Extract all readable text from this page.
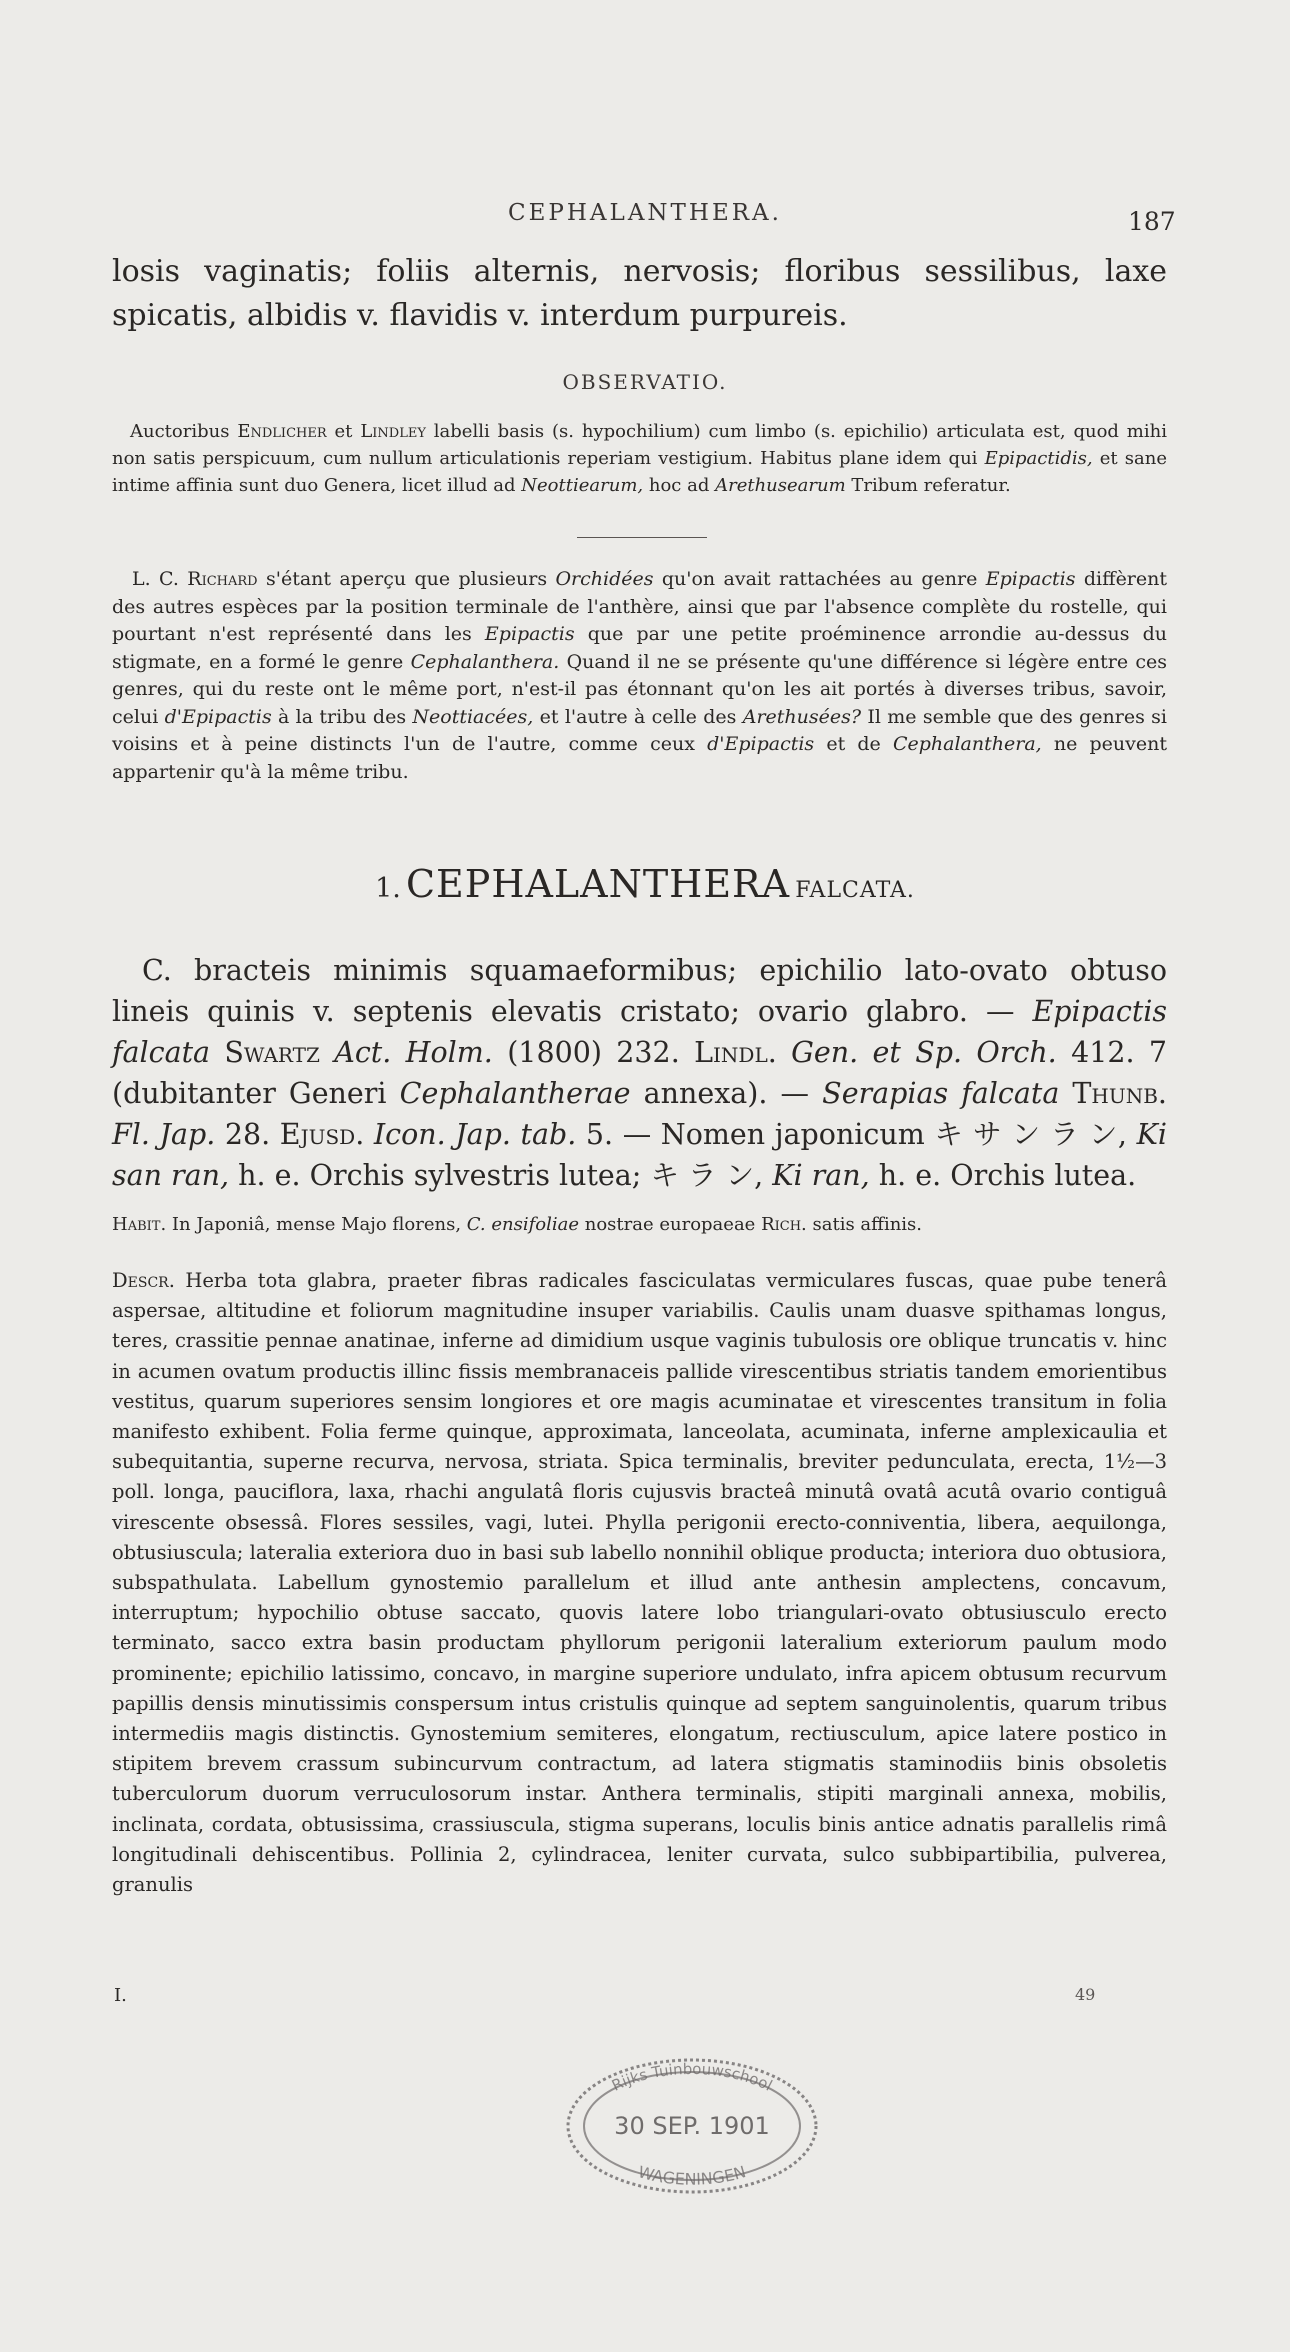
CEPHALANTHERA.	187
losis vaginatis; foliis alternis, nervosis; floribus sessilibus, laxe spicatis, albidis v. flavidis v. interdum purpureis.
OBSERVATIO.
Auctoribus Endlicher et Lindley labelli basis (s. hypochilium) cum limbo (s. epichilio) articulata est, quod mihi non satis perspicuum, cum nullum articulationis reperiam vestigium. Habitus plane idem qui Epipactidis, et sane intime affinia sunt duo Genera, licet illud ad Neottiearum, hoc ad Arethusearum Tribum referatur.
L. C. Richard s'étant aperçu que plusieurs Orchidées qu'on avait rattachées au genre Epipactis diffèrent des autres espèces par la position terminale de l'anthère, ainsi que par l'absence complète du rostelle, qui pourtant n'est représenté dans les Epipactis que par une petite proéminence arrondie au-dessus du stigmate, en a formé le genre Cephalanthera. Quand il ne se présente qu'une différence si légère entre ces genres, qui du reste ont le même port, n'est-il pas étonnant qu'on les ait portés à diverses tribus, savoir, celui d'Epipactis à la tribu des Neottiacées, et l'autre à celle des Arethusées? Il me semble que des genres si voisins et à peine distincts l'un de l'autre, comme ceux d'Epipactis et de Cephalanthera, ne peuvent appartenir qu'à la même tribu.
1. CEPHALANTHERA FALCATA.
C. bracteis minimis squamaeformibus; epichilio lato-ovato obtuso lineis quinis v. septenis elevatis cristato; ovario glabro. — Epipactis falcata Swartz Act. Holm. (1800) 232. Lindl. Gen. et Sp. Orch. 412. 7 (dubitanter Generi Cephalantherae annexa). — Serapias falcata Thunb. Fl. Jap. 28. Ejusd. Icon. Jap. tab. 5. — Nomen japonicum キ サ ン ラ ン, Ki san ran, h. e. Orchis sylvestris lutea; キ ラ ン, Ki ran, h. e. Orchis lutea.
Habit. In Japoniâ, mense Majo florens, C. ensifoliae nostrae europaeae Rich. satis affinis.

Descr. Herba tota glabra, praeter fibras radicales fasciculatas vermiculares fuscas, quae pube tenerâ aspersae, altitudine et foliorum magnitudine insuper variabilis. Caulis unam duasve spithamas longus, teres, crassitie pennae anatinae, inferne ad dimidium usque vaginis tubulosis ore oblique truncatis v. hinc in acumen ovatum productis illinc fissis membranaceis pallide virescentibus striatis tandem emorientibus vestitus, quarum superiores sensim longiores et ore magis acuminatae et virescentes transitum in folia manifesto exhibent. Folia ferme quinque, approximata, lanceolata, acuminata, inferne amplexicaulia et subequitantia, superne recurva, nervosa, striata. Spica terminalis, breviter pedunculata, erecta, 1½—3 poll. longa, pauciflora, laxa, rhachi angulatâ floris cujusvis bracteâ minutâ ovatâ acutâ ovario contiguâ virescente obsessâ. Flores sessiles, vagi, lutei. Phylla perigonii erecto-conniventia, libera, aequilonga, obtusiuscula; lateralia exteriora duo in basi sub labello nonnihil oblique producta; interiora duo obtusiora, subspathulata. Labellum gynostemio parallelum et illud ante anthesin amplectens, concavum, interruptum; hypochilio obtuse saccato, quovis latere lobo triangulari-ovato obtusiusculo erecto terminato, sacco extra basin productam phyllorum perigonii lateralium exteriorum paulum modo prominente; epichilio latissimo, concavo, in margine superiore undulato, infra apicem obtusum recurvum papillis densis minutissimis conspersum intus cristulis quinque ad septem sanguinolentis, quarum tribus intermediis magis distinctis. Gynostemium semiteres, elongatum, rectiusculum, apice latere postico in stipitem brevem crassum subincurvum contractum, ad latera stigmatis staminodiis binis obsoletis tuberculorum duorum verruculosorum instar. Anthera terminalis, stipiti marginali annexa, mobilis, inclinata, cordata, obtusissima, crassiuscula, stigma superans, loculis binis antice adnatis parallelis rimâ longitudinali dehiscentibus. Pollinia 2, cylindracea, leniter curvata, sulco subbipartibilia, pulverea, granulis

I.	49
Rijks Tuinbouwschool
30 SEP. 1901
WAGENINGEN
